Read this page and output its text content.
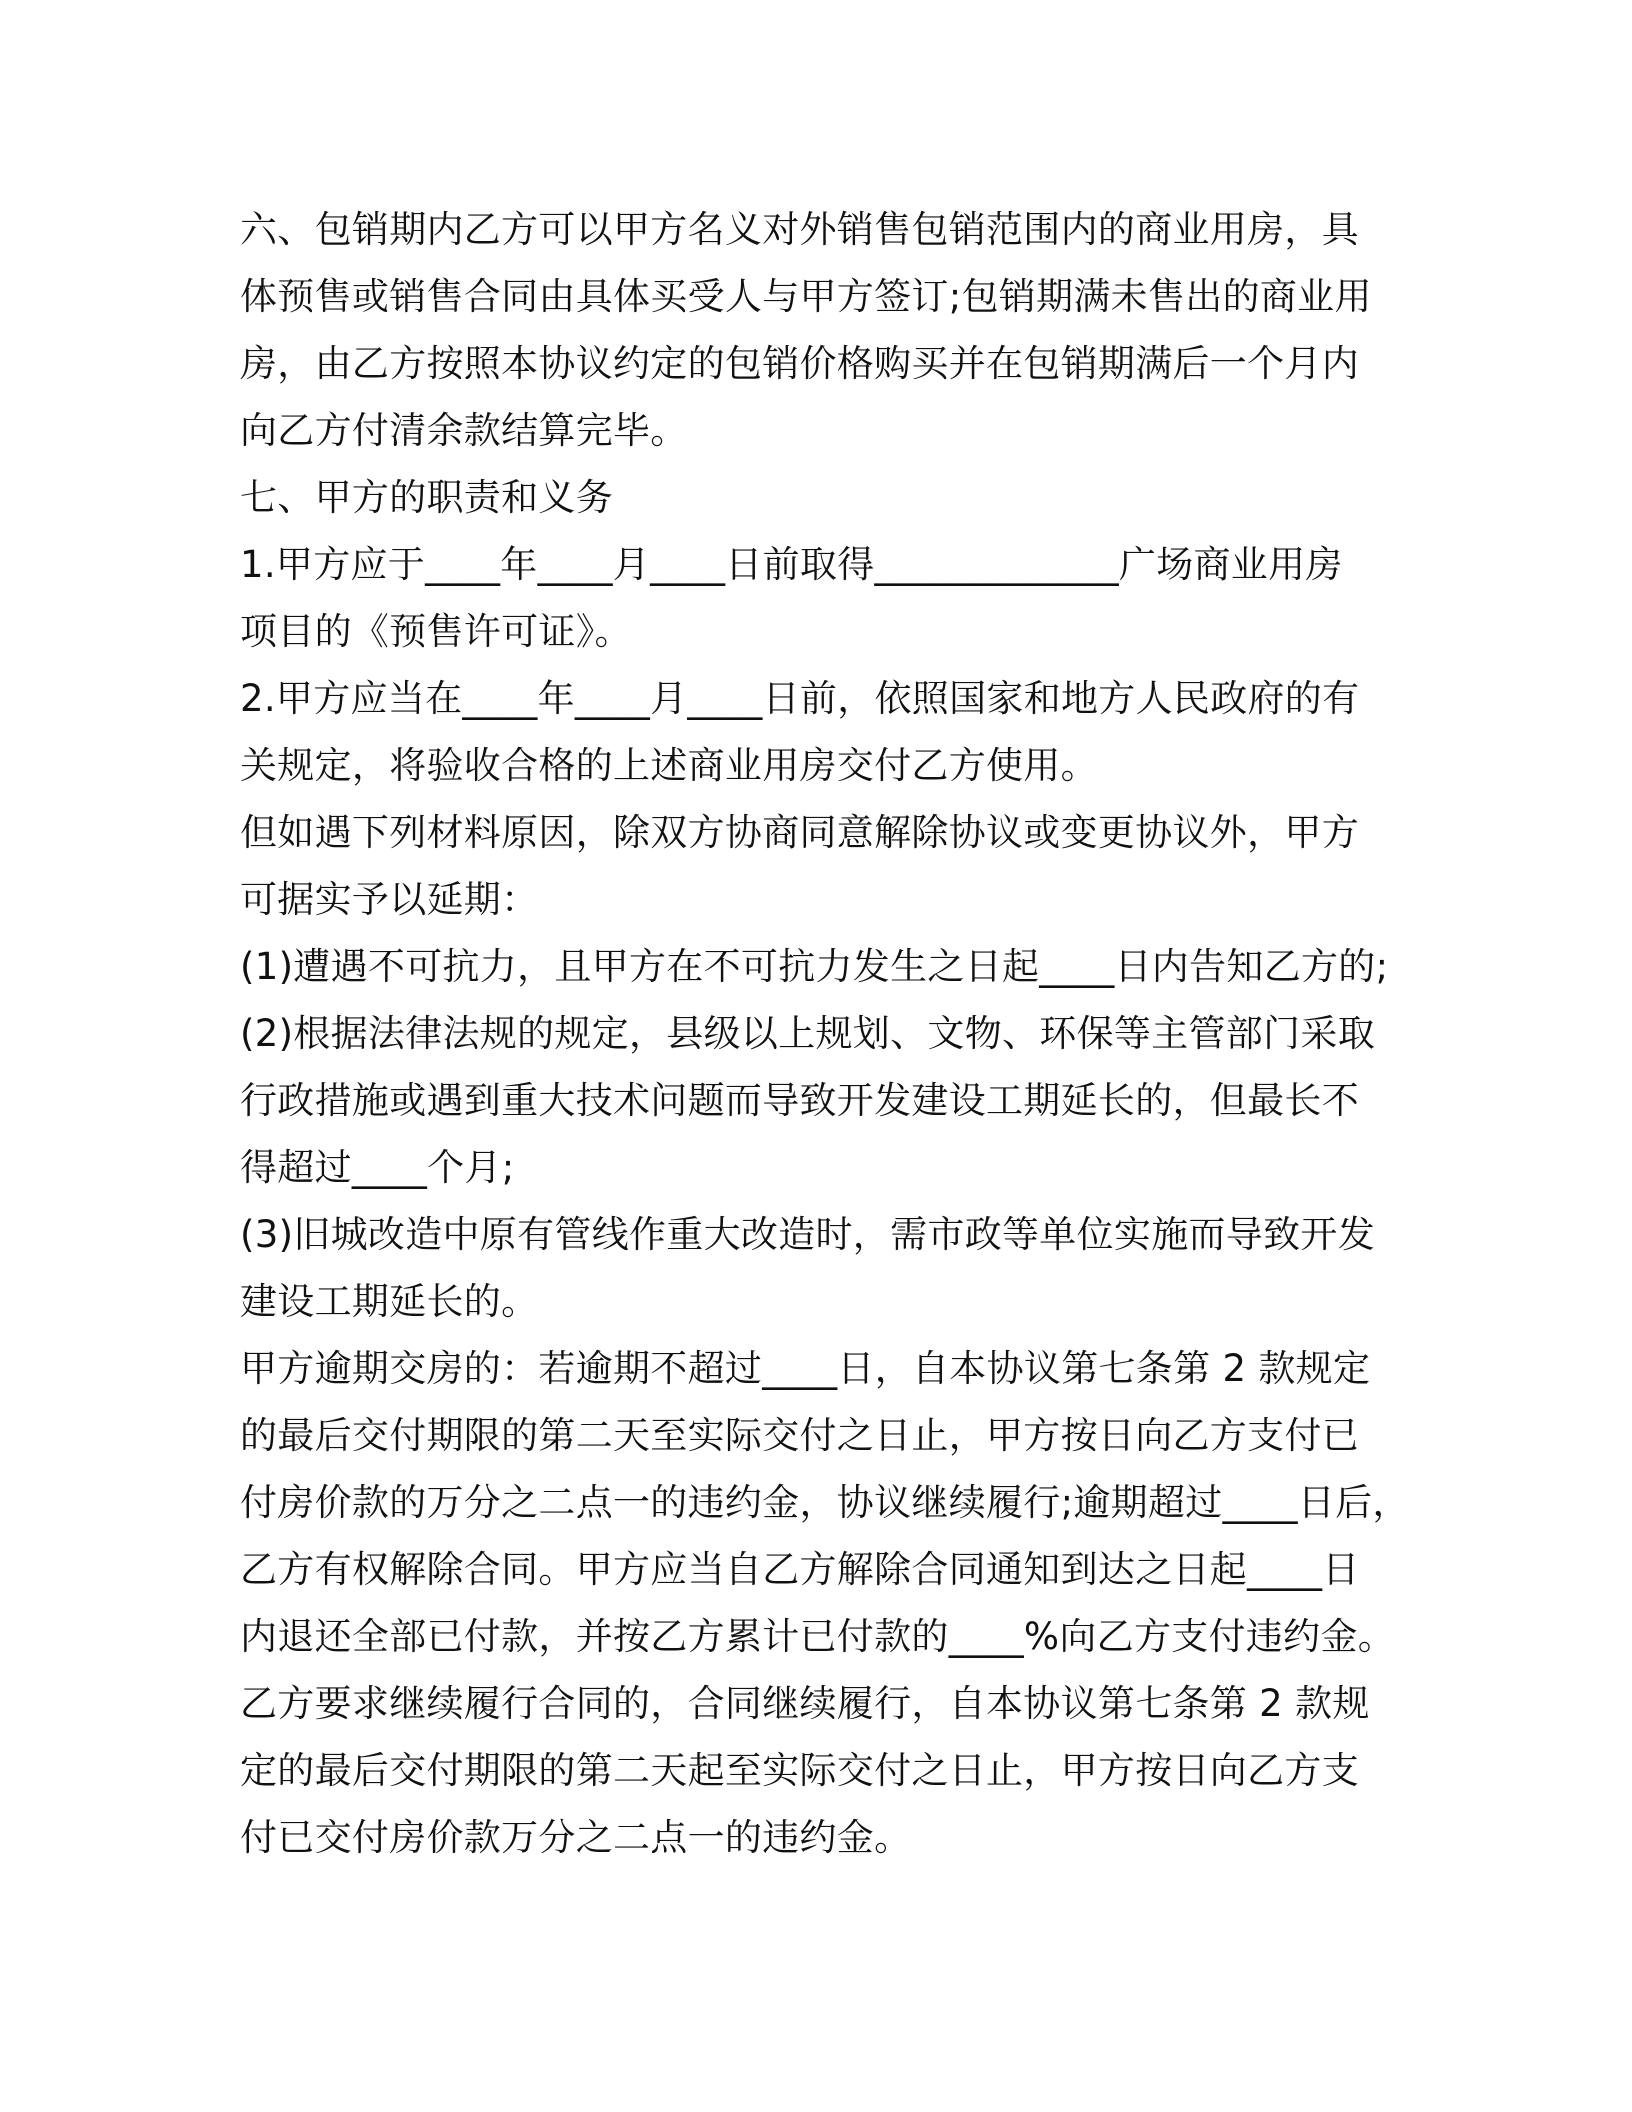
六、包销期内乙方可以甲方名义对外销售包销范围内的商业用房，具
体预售或销售合同由具体买受人与甲方签订;包销期满未售出的商业用
房，由乙方按照本协议约定的包销价格购买并在包销期满后一个月内
向乙方付清余款结算完毕。
七、甲方的职责和义务
1.甲方应于____年____月____日前取得_____________广场商业用房
项目的《预售许可证》。
2.甲方应当在____年____月____日前，依照国家和地方人民政府的有
关规定，将验收合格的上述商业用房交付乙方使用。
但如遇下列材料原因，除双方协商同意解除协议或变更协议外，甲方
可据实予以延期：
(1)遭遇不可抗力，且甲方在不可抗力发生之日起____日内告知乙方的;
(2)根据法律法规的规定，县级以上规划、文物、环保等主管部门采取
行政措施或遇到重大技术问题而导致开发建设工期延长的，但最长不
得超过____个月;
(3)旧城改造中原有管线作重大改造时，需市政等单位实施而导致开发
建设工期延长的。
甲方逾期交房的：若逾期不超过____日，自本协议第七条第 2 款规定
的最后交付期限的第二天至实际交付之日止，甲方按日向乙方支付已
付房价款的万分之二点一的违约金，协议继续履行;逾期超过____日后，
乙方有权解除合同。甲方应当自乙方解除合同通知到达之日起____日
内退还全部已付款，并按乙方累计已付款的____%向乙方支付违约金。
乙方要求继续履行合同的，合同继续履行，自本协议第七条第 2 款规
定的最后交付期限的第二天起至实际交付之日止，甲方按日向乙方支
付已交付房价款万分之二点一的违约金。
